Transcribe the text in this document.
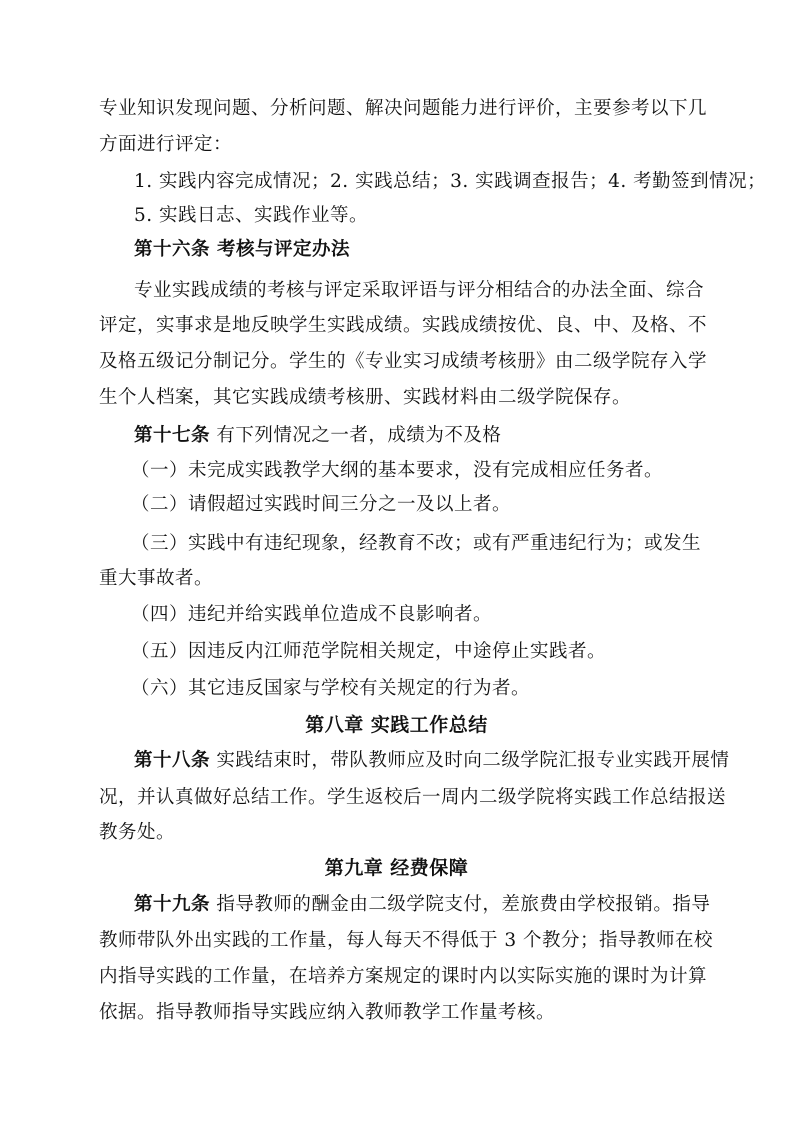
专业知识发现问题、分析问题、解决问题能力进行评价，主要参考以下几
方面进行评定：
1. 实践内容完成情况；2. 实践总结；3. 实践调查报告；4. 考勤签到情况；
5. 实践日志、实践作业等。
第十六条 考核与评定办法
专业实践成绩的考核与评定采取评语与评分相结合的办法全面、综合
评定，实事求是地反映学生实践成绩。实践成绩按优、良、中、及格、不
及格五级记分制记分。学生的《专业实习成绩考核册》由二级学院存入学
生个人档案，其它实践成绩考核册、实践材料由二级学院保存。
第十七条 有下列情况之一者，成绩为不及格
（一）未完成实践教学大纲的基本要求，没有完成相应任务者。
（二）请假超过实践时间三分之一及以上者。
（三）实践中有违纪现象，经教育不改；或有严重违纪行为；或发生
重大事故者。
（四）违纪并给实践单位造成不良影响者。
（五）因违反内江师范学院相关规定，中途停止实践者。
（六）其它违反国家与学校有关规定的行为者。
第八章 实践工作总结
第十八条 实践结束时，带队教师应及时向二级学院汇报专业实践开展情
况，并认真做好总结工作。学生返校后一周内二级学院将实践工作总结报送
教务处。
第九章 经费保障
第十九条 指导教师的酬金由二级学院支付，差旅费由学校报销。指导
教师带队外出实践的工作量，每人每天不得低于 3 个教分；指导教师在校
内指导实践的工作量，在培养方案规定的课时内以实际实施的课时为计算
依据。指导教师指导实践应纳入教师教学工作量考核。
